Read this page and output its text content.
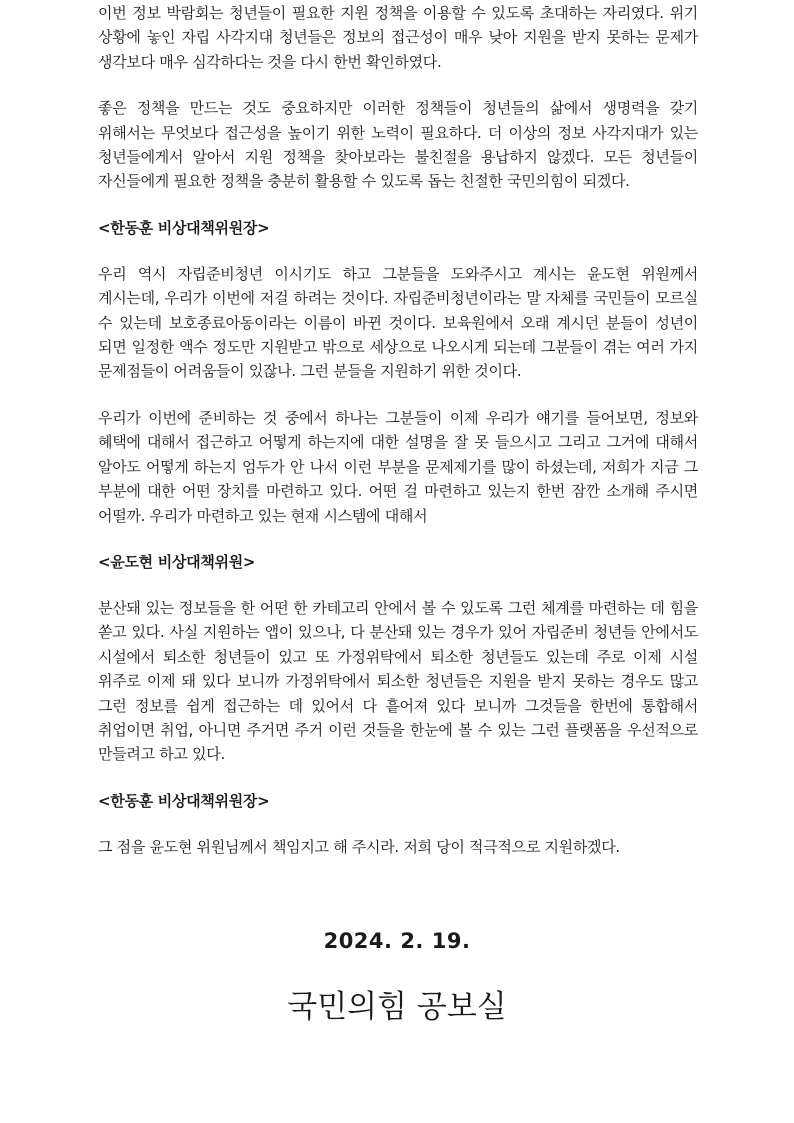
이번 정보 박람회는 청년들이 필요한 지원 정책을 이용할 수 있도록 초대하는 자리였다. 위기 상황에 놓인 자립 사각지대 청년들은 정보의 접근성이 매우 낮아 지원을 받지 못하는 문제가 생각보다 매우 심각하다는 것을 다시 한번 확인하였다.

좋은 정책을 만드는 것도 중요하지만 이러한 정책들이 청년들의 삶에서 생명력을 갖기 위해서는 무엇보다 접근성을 높이기 위한 노력이 필요하다. 더 이상의 정보 사각지대가 있는 청년들에게서 알아서 지원 정책을 찾아보라는 불친절을 용납하지 않겠다. 모든 청년들이 자신들에게 필요한 정책을 충분히 활용할 수 있도록 돕는 친절한 국민의힘이 되겠다.

<한동훈 비상대책위원장>

우리 역시 자립준비청년 이시기도 하고 그분들을 도와주시고 계시는 윤도현 위원께서 계시는데, 우리가 이번에 저걸 하려는 것이다. 자립준비청년이라는 말 자체를 국민들이 모르실 수 있는데 보호종료아동이라는 이름이 바뀐 것이다. 보육원에서 오래 계시던 분들이 성년이 되면 일정한 액수 정도만 지원받고 밖으로 세상으로 나오시게 되는데 그분들이 겪는 여러 가지 문제점들이 어려움들이 있잖나. 그런 분들을 지원하기 위한 것이다.

우리가 이번에 준비하는 것 중에서 하나는 그분들이 이제 우리가 얘기를 들어보면, 정보와 혜택에 대해서 접근하고 어떻게 하는지에 대한 설명을 잘 못 들으시고 그리고 그거에 대해서 알아도 어떻게 하는지 엄두가 안 나서 이런 부분을 문제제기를 많이 하셨는데, 저희가 지금 그 부분에 대한 어떤 장치를 마련하고 있다. 어떤 걸 마련하고 있는지 한번 잠깐 소개해 주시면 어떨까. 우리가 마련하고 있는 현재 시스템에 대해서

<윤도현 비상대책위원>

분산돼 있는 정보들을 한 어떤 한 카테고리 안에서 볼 수 있도록 그런 체계를 마련하는 데 힘을 쏟고 있다. 사실 지원하는 앱이 있으나, 다 분산돼 있는 경우가 있어 자립준비 청년들 안에서도 시설에서 퇴소한 청년들이 있고 또 가정위탁에서 퇴소한 청년들도 있는데 주로 이제 시설 위주로 이제 돼 있다 보니까 가정위탁에서 퇴소한 청년들은 지원을 받지 못하는 경우도 많고 그런 정보를 쉽게 접근하는 데 있어서 다 흩어져 있다 보니까 그것들을 한번에 통합해서 취업이면 취업, 아니면 주거면 주거 이런 것들을 한눈에 볼 수 있는 그런 플랫폼을 우선적으로 만들려고 하고 있다.

<한동훈 비상대책위원장>

그 점을 윤도현 위원님께서 책임지고 해 주시라. 저희 당이 적극적으로 지원하겠다.

2024. 2. 19.
국민의힘 공보실
